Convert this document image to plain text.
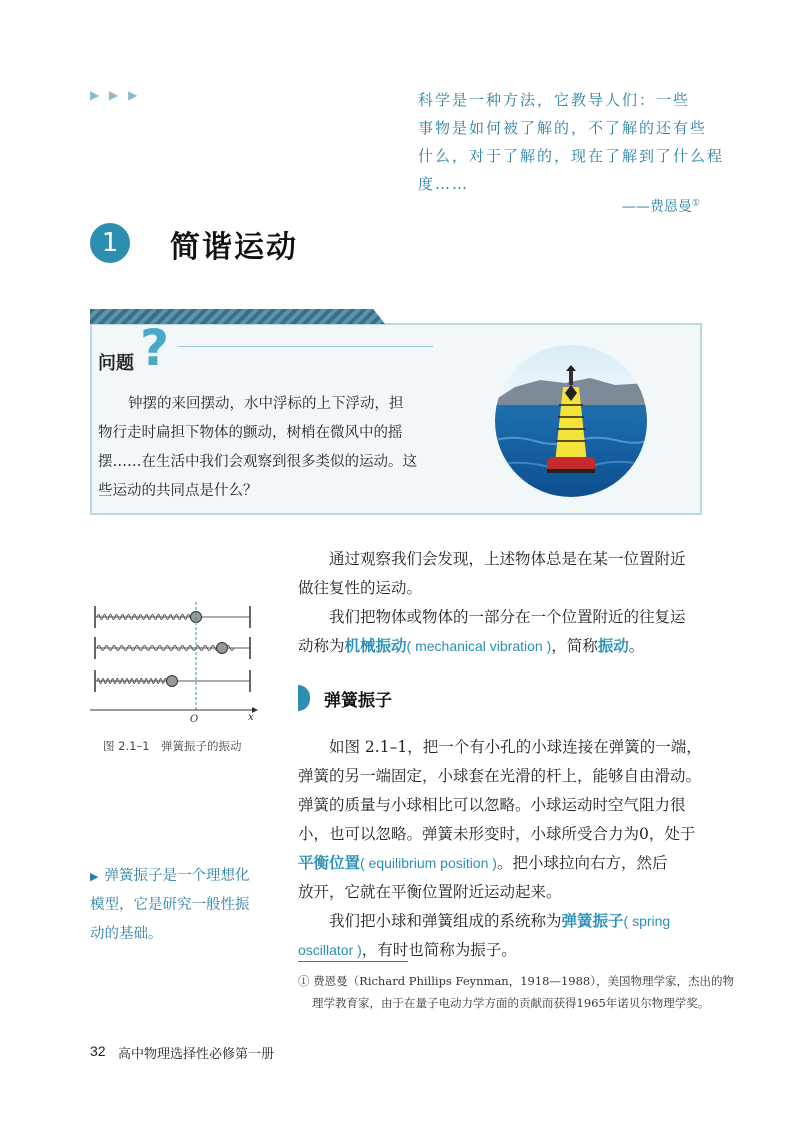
▶ ▶ ▶	科学是一种方法，它教导人们：一些
事物是如何被了解的，不了解的还有些
什么，对于了解的，现在了解到了什么程
度……
——费恩曼①
1	简谐运动
问题 ?
钟摆的来回摆动，水中浮标的上下浮动，担
物行走时扁担下物体的颤动，树梢在微风中的摇
摆……在生活中我们会观察到很多类似的运动。这
些运动的共同点是什么？
通过观察我们会发现，上述物体总是在某一位置附近
做往复性的运动。
我们把物体或物体的一部分在一个位置附近的往复运
动称为机械振动( mechanical vibration )，简称振动。
O	x
图 2.1–1　弹簧振子的振动
弹簧振子
如图 2.1–1，把一个有小孔的小球连接在弹簧的一端，
弹簧的另一端固定，小球套在光滑的杆上，能够自由滑动。
弹簧的质量与小球相比可以忽略。小球运动时空气阻力很
小，也可以忽略。弹簧未形变时，小球所受合力为0，处于
平衡位置( equilibrium position )。把小球拉向右方，然后
放开，它就在平衡位置附近运动起来。
我们把小球和弹簧组成的系统称为弹簧振子( spring
oscillator )，有时也简称为振子。
▶ 弹簧振子是一个理想化
模型，它是研究一般性振
动的基础。
① 费恩曼（Richard Phillips Feynman，1918—1988），美国物理学家，杰出的物
理学教育家，由于在量子电动力学方面的贡献而获得1965年诺贝尔物理学奖。
32 高中物理选择性必修第一册
